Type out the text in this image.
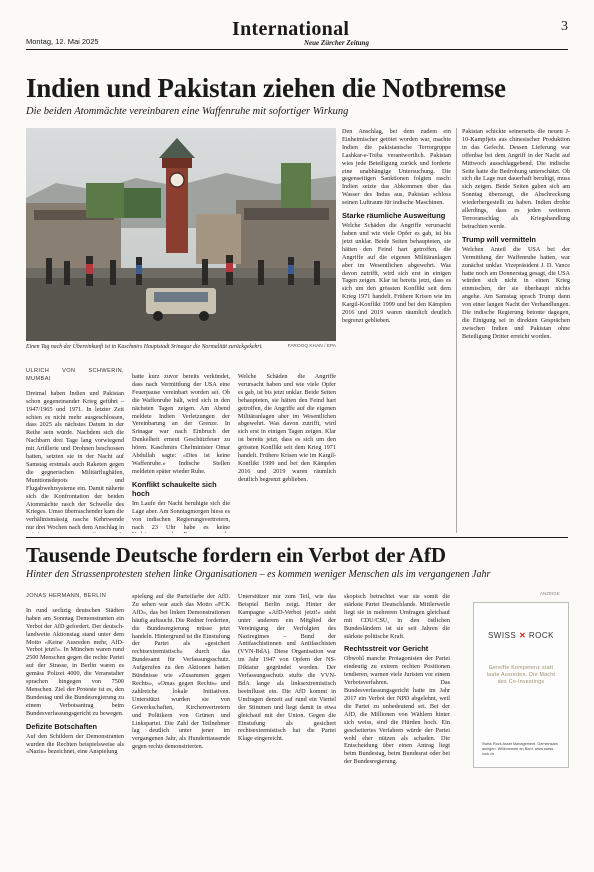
Montag, 12. Mai 2025
International
Neue Zürcher Zeitung
3
Indien und Pakistan ziehen die Notbremse
Die beiden Atommächte vereinbaren eine Waffenruhe mit sofortiger Wirkung
Einen Tag nach der Übereinkunft ist in Kaschmirs Hauptstadt Srinagar die Normalität zurückgekehrt.	FAROOQ KHAN / EPA

Den Anschlag, bei dem zudem ein Einheimischer getötet worden war, machte Indien die pakistanische Terrorgruppe Lashkar-e-Toiba verantwortlich. Pakistan wies jede Beteiligung zurück und forderte eine unabhängige Untersuchung. Die gegenseitigen Sanktionen folgten rasch: Indien setzte das Abkommen über das Wasser des Indus aus, Pakistan schloss seinen Luftraum für indische Maschinen.

Starke räumliche Ausweitung

Welche Schäden die Angriffe verursacht haben und wie viele Opfer es gab, ist bis jetzt unklar. Beide Seiten behaupteten, sie hätten den Feind hart getroffen, die Angriffe auf die eigenen Militäranlagen aber im Wesentlichen abgewehrt. Was davon zutrifft, wird sich erst in einigen Tagen zeigen. Klar ist bereits jetzt, dass es sich um den grössten Konflikt seit dem Krieg 1971 handelt. Frühere Krisen wie im Kargil-Konflikt 1999 und bei den Kämpfen 2016 und 2019 waren räumlich deutlich begrenzt geblieben.

Pakistan schickte seinerseits die neuen J-10-Kampfjets aus chinesischer Produktion in das Gefecht. Dessen Lieferung war offenbar bei dem Angriff in der Nacht auf Mittwoch ausschlaggebend. Die indische Seite hatte die Bedrohung unterschätzt. Ob sich die Lage nun dauerhaft beruhigt, muss sich zeigen. Beide Seiten gaben sich am Sonntag überzeugt, die Abschreckung wiederhergestellt zu haben. Indien drohte allerdings, dass es jeden weiteren Terroranschlag als Kriegshandlung betrachten werde.

Trump will vermitteln

Welchen Anteil die USA bei der Vermittlung der Waffenruhe hatten, war zunächst unklar. Vizepräsident J. D. Vance hatte noch am Donnerstag gesagt, die USA würden sich nicht in einen Krieg einmischen, der sie überhaupt nichts angehe. Am Samstag sprach Trump dann von einer langen Nacht der Verhandlungen. Die indische Regierung betonte dagegen, die Einigung sei in direkten Gesprächen zwischen Indien und Pakistan ohne Beteiligung Dritter erreicht worden.

ULRICH VON SCHWERIN, MUMBAI

Dreimal haben Indien und Pakistan schon gegeneinander Krieg geführt – 1947/1965 und 1971. In letzter Zeit schien es nicht mehr ausgeschlossen, dass 2025 als nächstes Datum in der Reihe sein würde. Nachdem sich die Nachbarn drei Tage lang vorwiegend mit Artillerie und Drohnen beschossen hatten, setzten sie in der Nacht auf Samstag erstmals auch Raketen gegen die gegnerischen Militärflughäfen, Munitionsdepots und Flugabwehrsysteme ein. Damit näherte sich die Konfrontation der beiden Atommächte rasch der Schwelle des Krieges. Umso überraschender kam die verhältnismässig rasche Kehrtwende nur drei Wochen nach dem Anschlag in

hatte kurz zuvor bereits verkündet, dass nach Vermittlung der USA eine Feuerpause vereinbart worden sei. Ob die Waffenruhe hält, wird sich in den nächsten Tagen zeigen. Am Abend meldete Indien Verletzungen der Vereinbarung an der Grenze. In Srinagar war nach Einbruch der Dunkelheit erneut Geschützfeuer zu hören. Kaschmirs Chefminister Omar Abdullah sagte: «Dies ist keine Waffenruhe.» Indische Stellen meldeten später wieder Ruhe.

Konflikt schaukelte sich hoch

Im Laufe der Nacht beruhigte sich die Lage aber. Am Sonntagmorgen hiess es von indischen Regierungsvertretern, nach 23 Uhr habe es keine

Welche Schäden die Angriffe verursacht haben und wie viele Opfer es gab, ist bis jetzt unklar. Beide Seiten behaupteten, sie hätten den Feind hart getroffen, die Angriffe auf die eigenen Militäranlagen aber im Wesentlichen abgewehrt. Was davon zutrifft, wird sich erst in einigen Tagen zeigen. Klar ist bereits jetzt, dass es sich um den grössten Konflikt seit dem Krieg 1971 handelt. Frühere Krisen wie im Kargil-Konflikt 1999 und bei den Kämpfen 2016 und 2019 waren räumlich deutlich begrenzt geblieben.

Tausende Deutsche fordern ein Verbot der AfD
Hinter den Strassenprotesten stehen linke Organisationen – es kommen weniger Menschen als im vergangenen Jahr
JONAS HERMANN, BERLIN

In rund sechzig deutschen Städten haben am Sonntag Demonstranten ein Verbot der AfD gefordert. Der deutsch-landweite Aktionstag stand unter dem Motto «Keine Ausreden mehr, AfD-Verbot jetzt!». In München waren rund 2500 Menschen gegen die rechte Partei auf der Strasse, in Berlin waren es gemäss Polizei 4000, die Veranstalter sprachen hingegen von 7500 Menschen. Ziel der Proteste ist es, den Bundestag und die Bundesregierung zu einem Verbotsantrag beim Bundesverfassungsgericht zu bewegen.

Defizite Botschaften

Auf den Schildern der Demonstranten wurden die Rechten beispielsweise als «Nazis» bezeichnet, eine Anspielung

spielung auf die Parteifarbe der AfD. Zu sehen war auch das Motto «FCK AfD», das bei linken Demonstrationen häufig auftaucht. Die Redner forderten, die Bundesregierung müsse jetzt handeln. Hintergrund ist die Einstufung der Partei als «gesichert rechtsextremistisch» durch das Bundesamt für Verfassungsschutz. Aufgerufen zu den Aktionen hatten Bündnisse wie «Zusammen gegen Rechts», «Omas gegen Rechts» und zahlreiche lokale Initiativen. Unterstützt wurden sie von Gewerkschaften, Kirchenvertretern und Politikern von Grünen und Linkspartei. Die Zahl der Teilnehmer lag deutlich unter jener im vergangenen Jahr, als Hunderttausende gegen rechts demonstrierten.

Unterstützer nur zum Teil, wie das Beispiel Berlin zeigt. Hinter der Kampagne «AfD-Verbot jetzt!» steht unter anderem ein Mitglied der Vereinigung der Verfolgten des Naziregimes – Bund der Antifaschistinnen und Antifaschisten (VVN-BdA). Diese Organisation war im Jahr 1947 von Opfern der NS-Diktatur gegründet worden. Der Verfassungsschutz stufte die VVN-BdA lange als linksextremistisch beeinflusst ein. Die AfD kommt in Umfragen derzeit auf rund ein Viertel der Stimmen und liegt damit in etwa gleichauf mit der Union. Gegen die Einstufung als gesichert rechtsextremistisch hat die Partei Klage eingereicht.

skopisch betrachtet war sie somit die stärkste Partei Deutschlands. Mittlerweile liegt sie in mehreren Umfragen gleichauf mit CDU/CSU, in den östlichen Bundesländern ist sie seit Jahren die stärkste politische Kraft.

Rechtsstreit vor Gericht

Obwohl manche Protagonisten der Partei eindeutig zu extrem rechten Positionen tendieren, warnen viele Juristen vor einem Verbotsverfahren. Das Bundesverfassungsgericht hatte im Jahr 2017 ein Verbot der NPD abgelehnt, weil die Partei zu unbedeutend sei. Bei der AfD, die Millionen von Wählern hinter sich weiss, sind die Hürden hoch. Ein gescheitertes Verfahren würde der Partei wohl eher nützen als schaden. Die Entscheidung über einen Antrag liegt beim Bundestag, beim Bundesrat oder bei der Bundesregierung.

ANZEIGE
SWISS ✕ ROCK
Gereifte Kompetenz statt laute Ausreden. Die Macht des Co-Investings
Swiss Rock Asset Management. Gemeinsam anlegen. Willkommen an Bord. www.swiss-rock.ch
